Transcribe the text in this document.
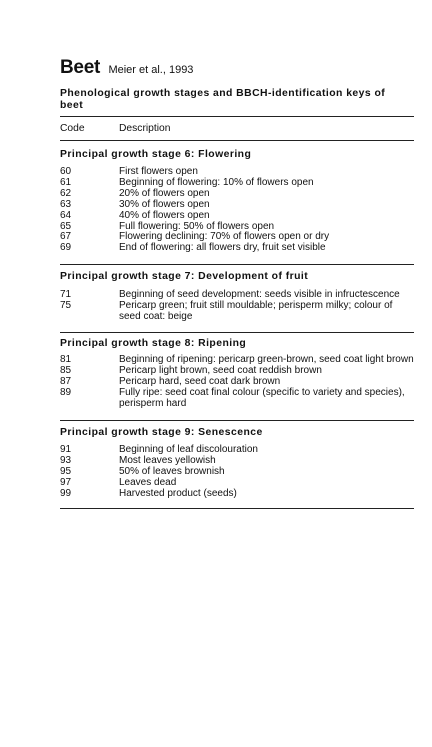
Beet Meier et al., 1993
Phenological growth stages and BBCH-identification keys of beet
Code	Description
Principal growth stage 6: Flowering
60	First flowers open
61	Beginning of flowering: 10% of flowers open
62	20% of flowers open
63	30% of flowers open
64	40% of flowers open
65	Full flowering: 50% of flowers open
67	Flowering declining: 70% of flowers open or dry
69	End of flowering: all flowers dry, fruit set visible
Principal growth stage 7: Development of fruit
71	Beginning of seed development: seeds visible in infructescence
75	Pericarp green; fruit still mouldable; perisperm milky; colour of seed coat: beige
Principal growth stage 8: Ripening
81	Beginning of ripening: pericarp green-brown, seed coat light brown
85	Pericarp light brown, seed coat reddish brown
87	Pericarp hard, seed coat dark brown
89	Fully ripe: seed coat final colour (specific to variety and species), perisperm hard
Principal growth stage 9: Senescence
91	Beginning of leaf discolouration
93	Most leaves yellowish
95	50% of leaves brownish
97	Leaves dead
99	Harvested product (seeds)
